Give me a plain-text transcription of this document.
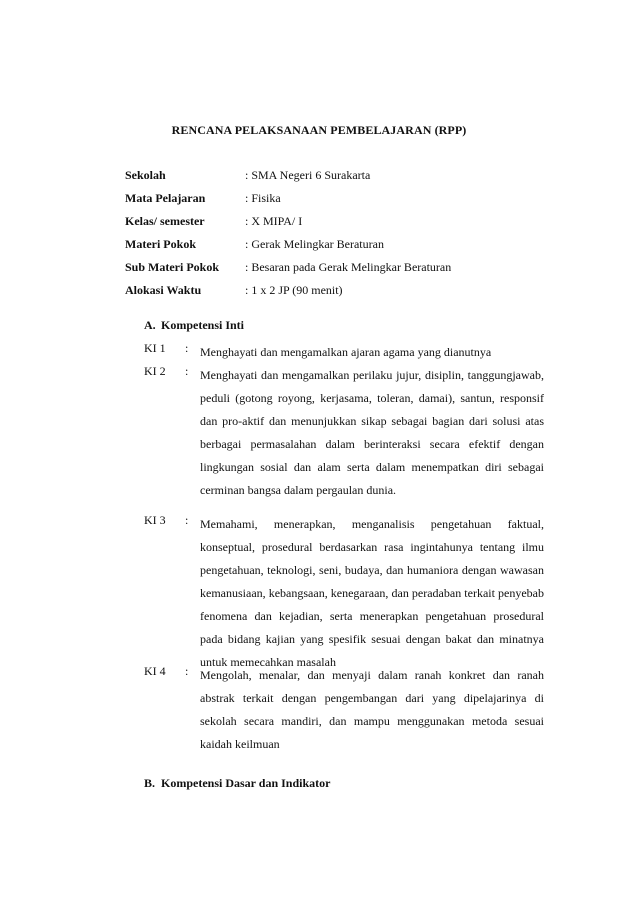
RENCANA PELAKSANAAN PEMBELAJARAN (RPP)
Sekolah	: SMA Negeri 6 Surakarta
Mata Pelajaran	: Fisika
Kelas/ semester	: X MIPA/ I
Materi Pokok	: Gerak Melingkar Beraturan
Sub Materi Pokok : Besaran pada Gerak Melingkar Beraturan
Alokasi Waktu	: 1 x 2 JP (90 menit)
A. Kompetensi Inti
KI 1 : Menghayati dan mengamalkan ajaran agama yang dianutnya
KI 2 : Menghayati dan mengamalkan perilaku jujur, disiplin, tanggungjawab, peduli (gotong royong, kerjasama, toleran, damai), santun, responsif dan pro-aktif dan menunjukkan sikap sebagai bagian dari solusi atas berbagai permasalahan dalam berinteraksi secara efektif dengan lingkungan sosial dan alam serta dalam menempatkan diri sebagai cerminan bangsa dalam pergaulan dunia.
KI 3 : Memahami, menerapkan, menganalisis pengetahuan faktual, konseptual, prosedural berdasarkan rasa ingintahunya tentang ilmu pengetahuan, teknologi, seni, budaya, dan humaniora dengan wawasan kemanusiaan, kebangsaan, kenegaraan, dan peradaban terkait penyebab fenomena dan kejadian, serta menerapkan pengetahuan prosedural pada bidang kajian yang spesifik sesuai dengan bakat dan minatnya untuk memecahkan masalah
KI 4 : Mengolah, menalar, dan menyaji dalam ranah konkret dan ranah abstrak terkait dengan pengembangan dari yang dipelajarinya di sekolah secara mandiri, dan mampu menggunakan metoda sesuai kaidah keilmuan
B. Kompetensi Dasar dan Indikator
